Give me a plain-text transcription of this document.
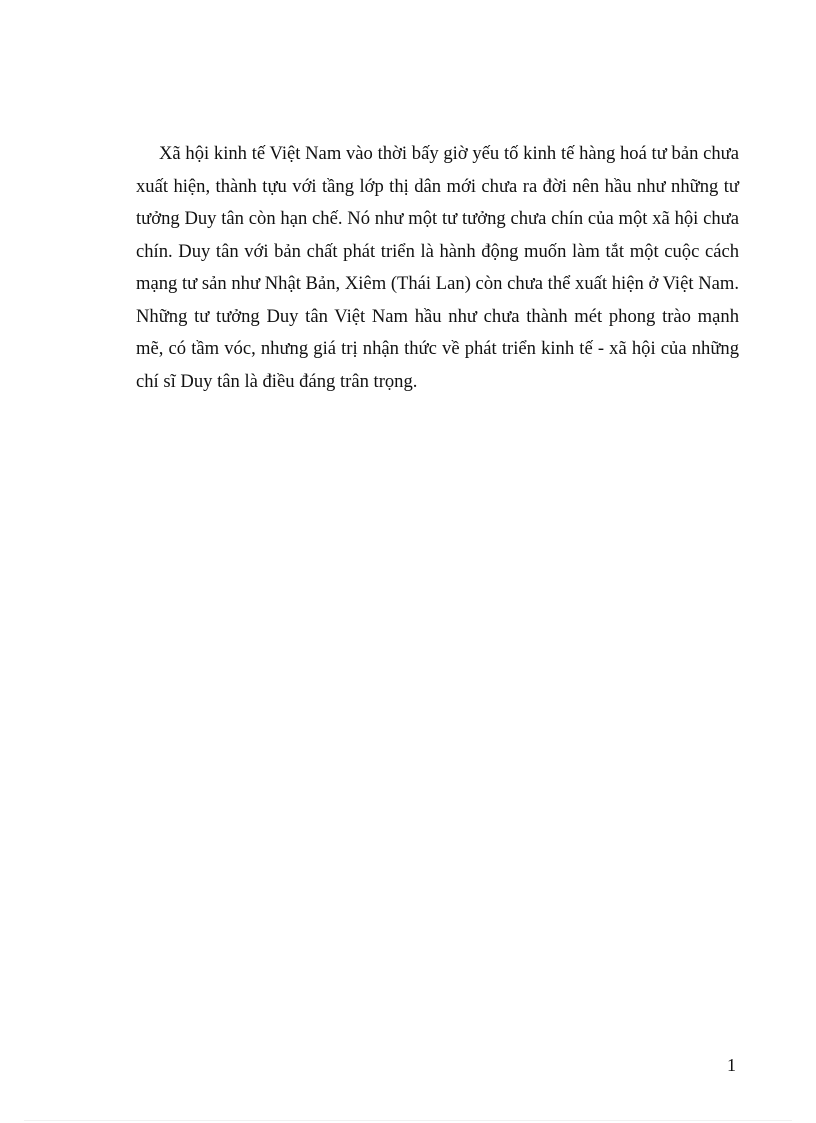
Xã hội kinh tế Việt Nam vào thời bấy giờ yếu tố kinh tế hàng hoá tư bản chưa xuất hiện, thành tựu với tầng lớp thị dân mới chưa ra đời nên hầu như những tư tưởng Duy tân còn hạn chế. Nó như một tư tưởng chưa chín của một xã hội chưa chín. Duy tân với bản chất phát triển là hành động muốn làm tắt một cuộc cách mạng tư sản như Nhật Bản, Xiêm (Thái Lan) còn chưa thể xuất hiện ở Việt Nam. Những tư tưởng Duy tân Việt Nam hầu như chưa thành mét phong trào mạnh mẽ, có tầm vóc, nhưng giá trị nhận thức về phát triển kinh tế - xã hội của những chí sĩ Duy tân là điều đáng trân trọng.

1
